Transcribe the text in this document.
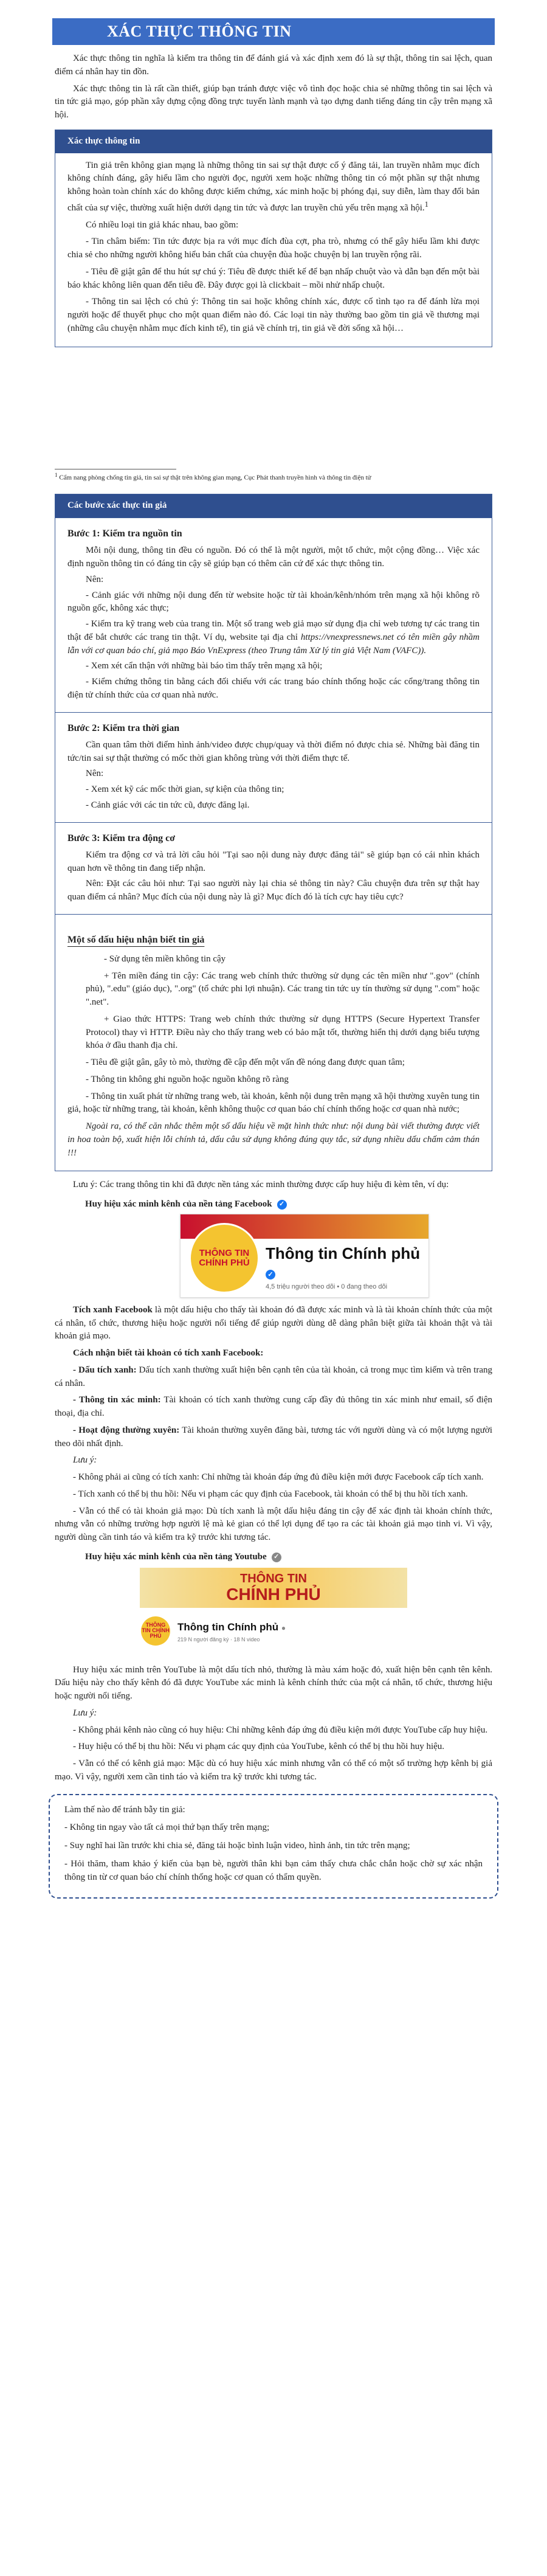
XÁC THỰC THÔNG TIN

Xác thực thông tin nghĩa là kiểm tra thông tin để đánh giá và xác định xem đó là sự thật, thông tin sai lệch, quan điểm cá nhân hay tin đồn.

Xác thực thông tin là rất cần thiết, giúp bạn tránh được việc vô tình đọc hoặc chia sẻ những thông tin sai lệch và tin tức giả mạo, góp phần xây dựng cộng đồng trực tuyến lành mạnh và tạo dựng danh tiếng đáng tin cậy trên mạng xã hội.

Xác thực thông tin

Tin giả trên không gian mạng là những thông tin sai sự thật được cố ý đăng tải, lan truyền nhằm mục đích không chính đáng, gây hiểu lầm cho người đọc, người xem hoặc những thông tin có một phần sự thật nhưng không hoàn toàn chính xác do không được kiểm chứng, xác minh hoặc bị phóng đại, suy diễn, làm thay đổi bản chất của sự việc, thường xuất hiện dưới dạng tin tức và được lan truyền chủ yếu trên mạng xã hội.$^1$

Có nhiều loại tin giả khác nhau, bao gồm:

- Tin châm biếm: Tin tức được bịa ra với mục đích đùa cợt, pha trò, nhưng có thể gây hiểu lầm khi được chia sẻ cho những người không hiểu bản chất của chuyện đùa hoặc chuyện bị lan truyền rộng rãi.

- Tiêu đề giật gân để thu hút sự chú ý: Tiêu đề được thiết kế để bạn nhấp chuột vào và dẫn bạn đến một bài báo khác không liên quan đến tiêu đề. Đây được gọi là clickbait – mồi nhử nhấp chuột.

- Thông tin sai lệch có chủ ý: Thông tin sai hoặc không chính xác, được cố tình tạo ra để đánh lừa mọi người hoặc để thuyết phục cho một quan điểm nào đó. Các loại tin này thường bao gồm tin giả về thương mại (những câu chuyện nhằm mục đích kinh tế), tin giả về chính trị, tin giả về đời sống xã hội…

$^1$ Cẩm nang phòng chống tin giả, tin sai sự thật trên không gian mạng, Cục Phát thanh truyền hình và thông tin điện tử
Các bước xác thực tin giả
Bước 1: Kiểm tra nguồn tin

Mỗi nội dung, thông tin đều có nguồn. Đó có thể là một người, một tổ chức, một cộng đồng… Việc xác định nguồn thông tin có đáng tin cậy sẽ giúp bạn có thêm căn cứ để xác thực thông tin.

Nên:

- Cảnh giác với những nội dung đến từ website hoặc từ tài khoản/kênh/nhóm trên mạng xã hội không rõ nguồn gốc, không xác thực;

- Kiểm tra kỹ trang web của trang tin. Một số trang web giả mạo sử dụng địa chỉ web tương tự các trang tin thật để bắt chước các trang tin thật. Ví dụ, website tại địa chỉ https://vnexpressnews.net có tên miền gây nhầm lẫn với cơ quan báo chí, giả mạo Báo VnExpress (theo Trung tâm Xử lý tin giả Việt Nam (VAFC)).

- Xem xét cẩn thận với những bài báo tìm thấy trên mạng xã hội;

- Kiểm chứng thông tin bằng cách đối chiếu với các trang báo chính thống hoặc các cổng/trang thông tin điện tử chính thức của cơ quan nhà nước.

Bước 2: Kiểm tra thời gian

Cần quan tâm thời điểm hình ảnh/video được chụp/quay và thời điểm nó được chia sẻ. Những bài đăng tin tức/tin sai sự thật thường có mốc thời gian không trùng với thời điểm thực tế.

Nên:

- Xem xét kỹ các mốc thời gian, sự kiện của thông tin;

- Cảnh giác với các tin tức cũ, được đăng lại.

Bước 3: Kiểm tra động cơ

Kiểm tra động cơ và trả lời câu hỏi "Tại sao nội dung này được đăng tải" sẽ giúp bạn có cái nhìn khách quan hơn về thông tin đang tiếp nhận.

Nên: Đặt các câu hỏi như: Tại sao người này lại chia sẻ thông tin này? Câu chuyện đưa trên sự thật hay quan điểm cá nhân? Mục đích của nội dung này là gì? Mục đích đó là tích cực hay tiêu cực?

Một số dấu hiệu nhận biết tin giả

- Sử dụng tên miền không tin cậy

+ Tên miền đáng tin cậy: Các trang web chính thức thường sử dụng các tên miền như ".gov" (chính phủ), ".edu" (giáo dục), ".org" (tổ chức phi lợi nhuận). Các trang tin tức uy tín thường sử dụng ".com" hoặc ".net".

+ Giao thức HTTPS: Trang web chính thức thường sử dụng HTTPS (Secure Hypertext Transfer Protocol) thay vì HTTP. Điều này cho thấy trang web có bảo mật tốt, thường hiển thị dưới dạng biểu tượng khóa ở đầu thanh địa chỉ.

- Tiêu đề giật gân, gây tò mò, thường đề cập đến một vấn đề nóng đang được quan tâm;

- Thông tin không ghi nguồn hoặc nguồn không rõ ràng

- Thông tin xuất phát từ những trang web, tài khoản, kênh nội dung trên mạng xã hội thường xuyên tung tin giả, hoặc từ những trang, tài khoản, kênh không thuộc cơ quan báo chí chính thống hoặc cơ quan nhà nước;

Ngoài ra, có thể căn nhắc thêm một số dấu hiệu về mặt hình thức như: nội dung bài viết thường được viết in hoa toàn bộ, xuất hiện lỗi chính tả, dấu câu sử dụng không đúng quy tắc, sử dụng nhiều dấu chấm cảm thán !!!

Lưu ý: Các trang thông tin khi đã được nền tảng xác minh thường được cấp huy hiệu đi kèm tên, ví dụ:

Huy hiệu xác minh kênh của nền tảng Facebook	✓
THÔNG TIN
CHÍNH PHỦ
Thông tin Chính phủ ✓
4,5 triệu người theo dõi • 0 đang theo dõi

Tích xanh Facebook là một dấu hiệu cho thấy tài khoản đó đã được xác minh và là tài khoản chính thức của một cá nhân, tổ chức, thương hiệu hoặc người nổi tiếng để giúp người dùng dễ dàng phân biệt giữa tài khoản thật và tài khoản giả mạo.

Cách nhận biết tài khoản có tích xanh Facebook:

- Dấu tích xanh: Dấu tích xanh thường xuất hiện bên cạnh tên của tài khoản, cả trong mục tìm kiếm và trên trang cá nhân.

- Thông tin xác minh: Tài khoản có tích xanh thường cung cấp đầy đủ thông tin xác minh như email, số điện thoại, địa chỉ.

- Hoạt động thường xuyên: Tài khoản thường xuyên đăng bài, tương tác với người dùng và có một lượng người theo dõi nhất định.

Lưu ý:

- Không phải ai cũng có tích xanh: Chỉ những tài khoản đáp ứng đủ điều kiện mới được Facebook cấp tích xanh.

- Tích xanh có thể bị thu hồi: Nếu vi phạm các quy định của Facebook, tài khoản có thể bị thu hồi tích xanh.

- Vẫn có thể có tài khoản giả mạo: Dù tích xanh là một dấu hiệu đáng tin cậy để xác định tài khoản chính thức, nhưng vẫn có những trường hợp người lệ mà kẻ gian có thể lợi dụng để tạo ra các tài khoản giả mạo tinh vi. Vì vậy, người dùng cần tinh táo và kiểm tra kỹ trước khi tương tác.

Huy hiệu xác minh kênh của nền tảng Youtube	✓
THÔNG TIN
CHÍNH PHỦ
THÔNG TIN CHÍNH PHỦ
Thông tin Chính phủ ●
219 N người đăng ký · 18 N video

Huy hiệu xác minh trên YouTube là một dấu tích nhỏ, thường là màu xám hoặc đỏ, xuất hiện bên cạnh tên kênh. Dấu hiệu này cho thấy kênh đó đã được YouTube xác minh là kênh chính thức của một cá nhân, tổ chức, thương hiệu hoặc người nổi tiếng.

Lưu ý:

- Không phải kênh nào cũng có huy hiệu: Chỉ những kênh đáp ứng đủ điều kiện mới được YouTube cấp huy hiệu.

- Huy hiệu có thể bị thu hồi: Nếu vi phạm các quy định của YouTube, kênh có thể bị thu hồi huy hiệu.

- Vẫn có thể có kênh giả mạo: Mặc dù có huy hiệu xác minh nhưng vẫn có thể có một số trường hợp kênh bị giả mạo. Vì vậy, người xem cần tinh táo và kiểm tra kỹ trước khi tương tác.

Làm thế nào để tránh bẫy tin giả:

- Không tin ngay vào tất cả mọi thứ bạn thấy trên mạng;

- Suy nghĩ hai lần trước khi chia sẻ, đăng tải hoặc bình luận video, hình ảnh, tin tức trên mạng;

- Hỏi thăm, tham khảo ý kiến của bạn bè, người thân khi bạn cảm thấy chưa chắc chắn hoặc chờ sự xác nhận thông tin từ cơ quan báo chí chính thống hoặc cơ quan có thẩm quyền.
